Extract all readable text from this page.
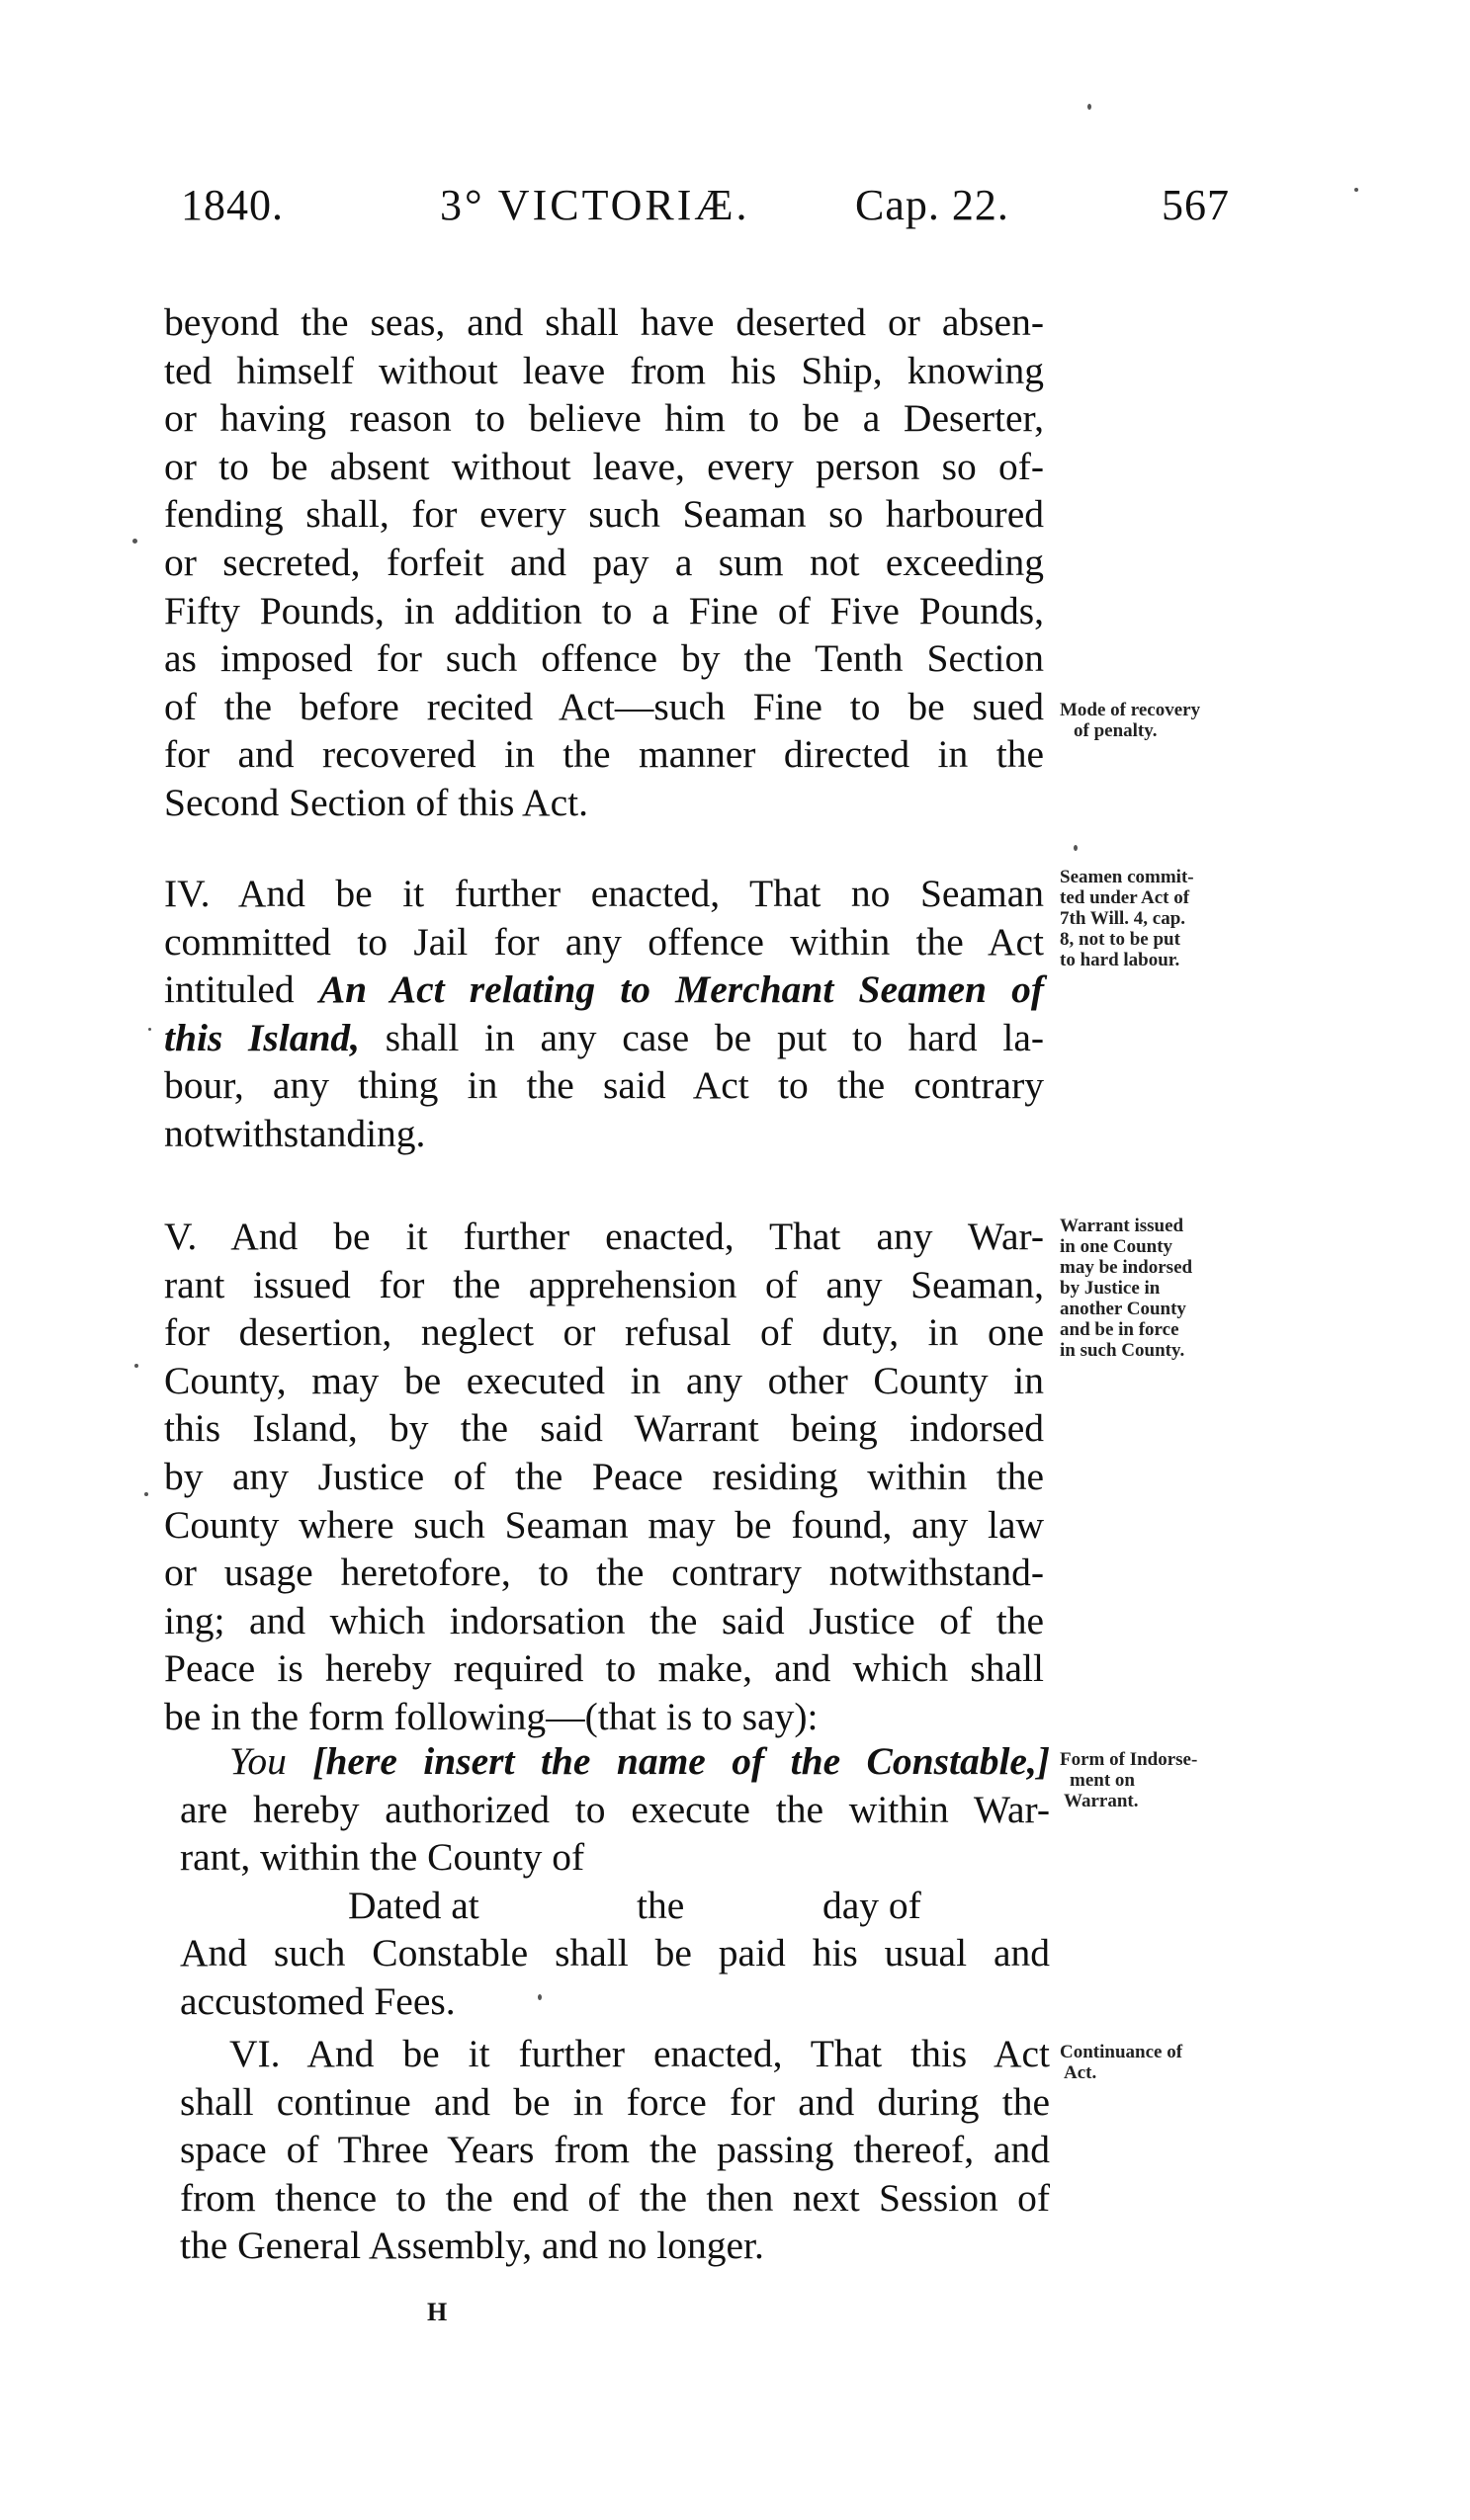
1840.	3° VICTORIÆ. Cap. 22.	567
beyond the seas, and shall have deserted or absen-
ted himself without leave from his Ship, knowing
or having reason to believe him to be a Deserter,
or to be absent without leave, every person so of-
fending shall, for every such Seaman so harboured
or secreted, forfeit and pay a sum not exceeding
Fifty Pounds, in addition to a Fine of Five Pounds,
as imposed for such offence by the Tenth Section
of the before recited Act—such Fine to be sued
for and recovered in the manner directed in the
Second Section of this Act.
IV. And be it further enacted, That no Seaman
committed to Jail for any offence within the Act
intituled An Act relating to Merchant Seamen of
this Island, shall in any case be put to hard la-
bour, any thing in the said Act to the contrary
notwithstanding.
V. And be it further enacted, That any War-
rant issued for the apprehension of any Seaman,
for desertion, neglect or refusal of duty, in one
County, may be executed in any other County in
this Island, by the said Warrant being indorsed
by any Justice of the Peace residing within the
County where such Seaman may be found, any law
or usage heretofore, to the contrary notwithstand-
ing; and which indorsation the said Justice of the
Peace is hereby required to make, and which shall
be in the form following—(that is to say):
You [here insert the name of the Constable,]
are hereby authorized to execute the within War-
rant, within the County of
Dated at	the	day of
And such Constable shall be paid his usual and
accustomed Fees.
VI. And be it further enacted, That this Act
shall continue and be in force for and during the
space of Three Years from the passing thereof, and
from thence to the end of the then next Session of
the General Assembly, and no longer.
H
Mode of recovery
of penalty.
Seamen commit-
ted under Act of
7th Will. 4, cap.
8, not to be put
to hard labour.
Warrant issued
in one County
may be indorsed
by Justice in
another County
and be in force
in such County.
Form of Indorse-
ment on
Warrant.
Continuance of
Act.
